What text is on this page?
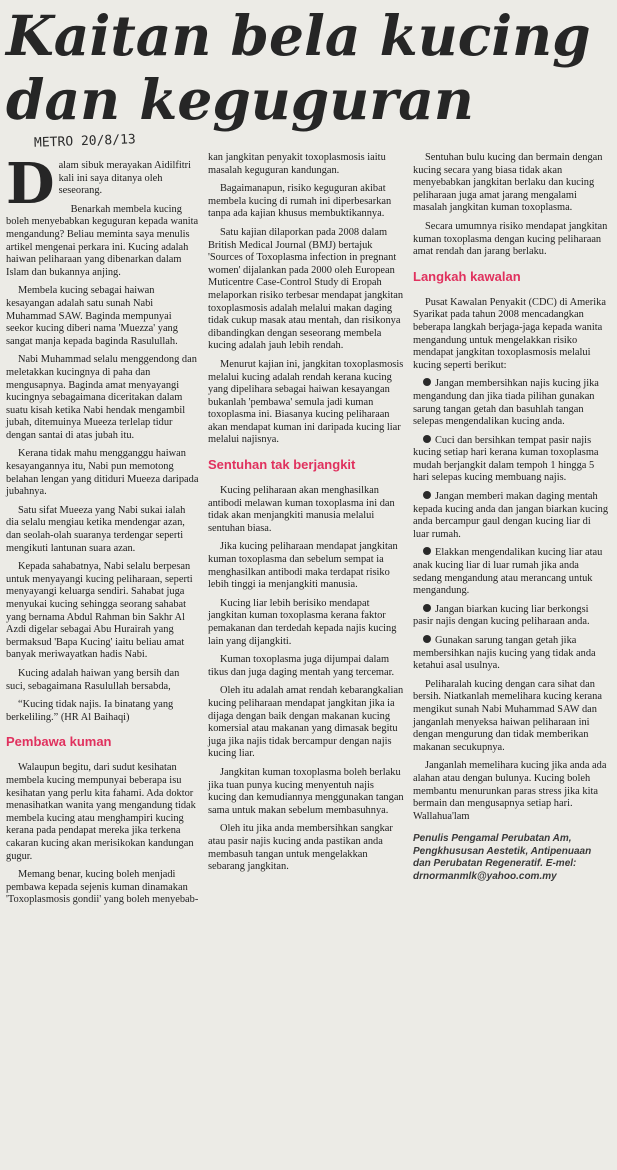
Kaitan bela kucing
dan keguguran
METRO 20/8/13

Dalam sibuk merayakan Aidilfitri kali ini saya ditanya oleh seseorang.

Benarkah membela kucing boleh menyebabkan keguguran kepada wanita mengandung? Beliau meminta saya menulis artikel mengenai perkara ini. Kucing adalah haiwan peliharaan yang dibenarkan dalam Islam dan bukannya anjing.

Membela kucing sebagai haiwan kesayangan adalah satu sunah Nabi Muhammad SAW. Baginda mempunyai seekor kucing diberi nama 'Muezza' yang sangat manja kepada baginda Rasulullah.

Nabi Muhammad selalu menggendong dan meletakkan kucingnya di paha dan mengusapnya. Baginda amat menyayangi kucingnya sebagaimana diceritakan dalam suatu kisah ketika Nabi hendak mengambil jubah, ditemuinya Mueeza terlelap tidur dengan santai di atas jubah itu.

Kerana tidak mahu mengganggu haiwan kesayangannya itu, Nabi pun memotong belahan lengan yang ditiduri Mueeza daripada jubahnya.

Satu sifat Mueeza yang Nabi sukai ialah dia selalu mengiau ketika mendengar azan, dan seolah-olah suaranya terdengar seperti mengikuti lantunan suara azan.

Kepada sahabatnya, Nabi selalu berpesan untuk menyayangi kucing peliharaan, seperti menyayangi keluarga sendiri. Sahabat juga menyukai kucing sehingga seorang sahabat yang bernama Abdul Rahman bin Sakhr Al Azdi digelar sebagai Abu Hurairah yang bermaksud 'Bapa Kucing' iaitu beliau amat banyak meriwayatkan hadis Nabi.

Kucing adalah haiwan yang bersih dan suci, sebagaimana Rasulullah bersabda,

“Kucing tidak najis. Ia binatang yang berkeliling.” (HR Al Baihaqi)

Pembawa kuman

Walaupun begitu, dari sudut kesihatan membela kucing mempunyai beberapa isu kesihatan yang perlu kita fahami. Ada doktor menasihatkan wanita yang mengandung tidak membela kucing atau menghampiri kucing kerana pada pendapat mereka jika terkena cakaran kucing akan merisikokan kandungan gugur.

Memang benar, kucing boleh menjadi pembawa kepada sejenis kuman dinamakan 'Toxoplasmosis gondii' yang boleh menyebab-

kan jangkitan penyakit toxoplasmosis iaitu masalah keguguran kandungan.

Bagaimanapun, risiko keguguran akibat membela kucing di rumah ini diperbesarkan tanpa ada kajian khusus membuktikannya.

Satu kajian dilaporkan pada 2008 dalam British Medical Journal (BMJ) bertajuk 'Sources of Toxoplasma infection in pregnant women' dijalankan pada 2000 oleh European Muticentre Case-Control Study di Eropah melaporkan risiko terbesar mendapat jangkitan toxoplasmosis adalah melalui makan daging tidak cukup masak atau mentah, dan risikonya dibandingkan dengan seseorang membela kucing adalah jauh lebih rendah.

Menurut kajian ini, jangkitan toxoplasmosis melalui kucing adalah rendah kerana kucing yang dipelihara sebagai haiwan kesayangan bukanlah 'pembawa' semula jadi kuman toxoplasma ini. Biasanya kucing peliharaan akan mendapat kuman ini daripada kucing liar melalui najisnya.

Sentuhan tak berjangkit

Kucing peliharaan akan menghasilkan antibodi melawan kuman toxoplasma ini dan tidak akan menjangkiti manusia melalui sentuhan biasa.

Jika kucing peliharaan mendapat jangkitan kuman toxoplasma dan sebelum sempat ia menghasilkan antibodi maka terdapat risiko lebih tinggi ia menjangkiti manusia.

Kucing liar lebih berisiko mendapat jangkitan kuman toxoplasma kerana faktor pemakanan dan terdedah kepada najis kucing lain yang dijangkiti.

Kuman toxoplasma juga dijumpai dalam tikus dan juga daging mentah yang tercemar.

Oleh itu adalah amat rendah kebarangkalian kucing peliharaan mendapat jangkitan jika ia dijaga dengan baik dengan makanan kucing komersial atau makanan yang dimasak begitu juga jika najis tidak bercampur dengan najis kucing liar.

Jangkitan kuman toxoplasma boleh berlaku jika tuan punya kucing menyentuh najis kucing dan kemudiannya menggunakan tangan sama untuk makan sebelum membasuhnya.

Oleh itu jika anda membersihkan sangkar atau pasir najis kucing anda pastikan anda membasuh tangan untuk mengelakkan sebarang jangkitan.

Sentuhan bulu kucing dan bermain dengan kucing secara yang biasa tidak akan menyebabkan jangkitan berlaku dan kucing peliharaan juga amat jarang mengalami masalah jangkitan kuman toxoplasma.

Secara umumnya risiko mendapat jangkitan kuman toxoplasma dengan kucing peliharaan amat rendah dan jarang berlaku.

Langkah kawalan

Pusat Kawalan Penyakit (CDC) di Amerika Syarikat pada tahun 2008 mencadangkan beberapa langkah berjaga-jaga kepada wanita mengandung untuk mengelakkan risiko mendapat jangkitan toxoplasmosis melalui kucing seperti berikut:

Jangan membersihkan najis kucing jika mengandung dan jika tiada pilihan gunakan sarung tangan getah dan basuhlah tangan selepas mengendalikan kucing anda.

Cuci dan bersihkan tempat pasir najis kucing setiap hari kerana kuman toxoplasma mudah berjangkit dalam tempoh 1 hingga 5 hari selepas kucing membuang najis.

Jangan memberi makan daging mentah kepada kucing anda dan jangan biarkan kucing anda bercampur gaul dengan kucing liar di luar rumah.

Elakkan mengendalikan kucing liar atau anak kucing liar di luar rumah jika anda sedang mengandung atau merancang untuk mengandung.

Jangan biarkan kucing liar berkongsi pasir najis dengan kucing peliharaan anda.

Gunakan sarung tangan getah jika membersihkan najis kucing yang tidak anda ketahui asal usulnya.

Peliharalah kucing dengan cara sihat dan bersih. Niatkanlah memelihara kucing kerana mengikut sunah Nabi Muhammad SAW dan janganlah menyeksa haiwan peliharaan ini dengan mengurung dan tidak memberikan makanan secukupnya.

Janganlah memelihara kucing jika anda ada alahan atau dengan bulunya. Kucing boleh membantu menurunkan paras stress jika kita bermain dan mengusapnya setiap hari. Wallahua'lam

Penulis Pengamal Perubatan Am, Pengkhususan Aestetik, Antipenuaan dan Perubatan Regeneratif. E-mel: drnormanmlk@yahoo.com.my
